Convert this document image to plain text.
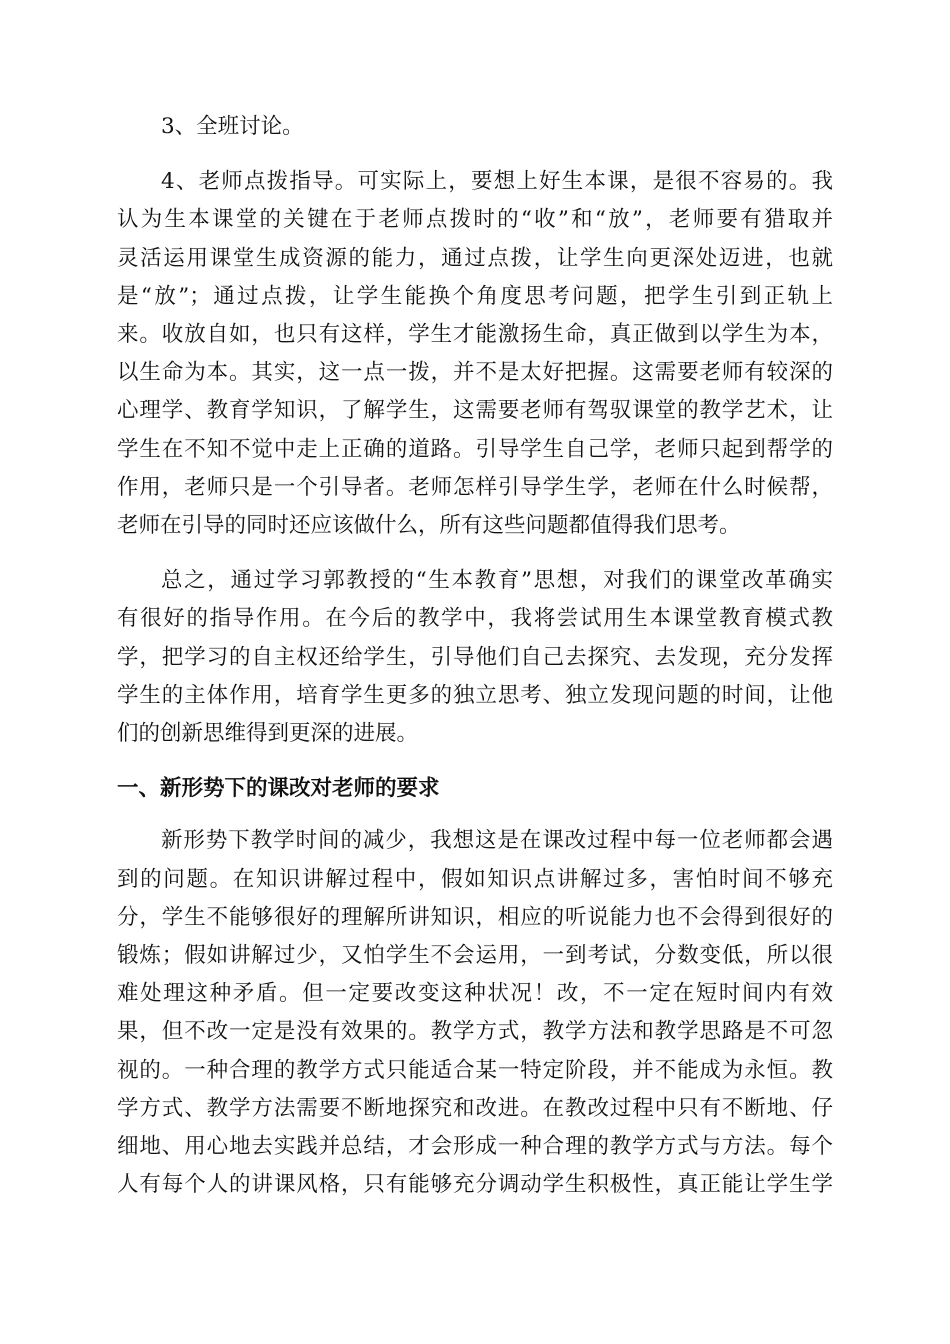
3、全班讨论。

4、老师点拨指导。可实际上，要想上好生本课，是很不容易的。我
认为生本课堂的关键在于老师点拨时的“收”和“放”，老师要有猎取并
灵活运用课堂生成资源的能力，通过点拨，让学生向更深处迈进，也就
是“放”；通过点拨，让学生能换个角度思考问题，把学生引到正轨上
来。收放自如，也只有这样，学生才能激扬生命，真正做到以学生为本，
以生命为本。其实，这一点一拨，并不是太好把握。这需要老师有较深的
心理学、教育学知识，了解学生，这需要老师有驾驭课堂的教学艺术，让
学生在不知不觉中走上正确的道路。引导学生自己学，老师只起到帮学的
作用，老师只是一个引导者。老师怎样引导学生学，老师在什么时候帮，
老师在引导的同时还应该做什么，所有这些问题都值得我们思考。

总之，通过学习郭教授的“生本教育”思想，对我们的课堂改革确实
有很好的指导作用。在今后的教学中，我将尝试用生本课堂教育模式教
学，把学习的自主权还给学生，引导他们自己去探究、去发现，充分发挥
学生的主体作用，培育学生更多的独立思考、独立发现问题的时间，让他
们的创新思维得到更深的进展。

一、新形势下的课改对老师的要求

新形势下教学时间的减少，我想这是在课改过程中每一位老师都会遇
到的问题。在知识讲解过程中，假如知识点讲解过多，害怕时间不够充
分，学生不能够很好的理解所讲知识，相应的听说能力也不会得到很好的
锻炼；假如讲解过少，又怕学生不会运用，一到考试，分数变低，所以很
难处理这种矛盾。但一定要改变这种状况！改，不一定在短时间内有效
果，但不改一定是没有效果的。教学方式，教学方法和教学思路是不可忽
视的。一种合理的教学方式只能适合某一特定阶段，并不能成为永恒。教
学方式、教学方法需要不断地探究和改进。在教改过程中只有不断地、仔
细地、用心地去实践并总结，才会形成一种合理的教学方式与方法。每个
人有每个人的讲课风格，只有能够充分调动学生积极性，真正能让学生学
